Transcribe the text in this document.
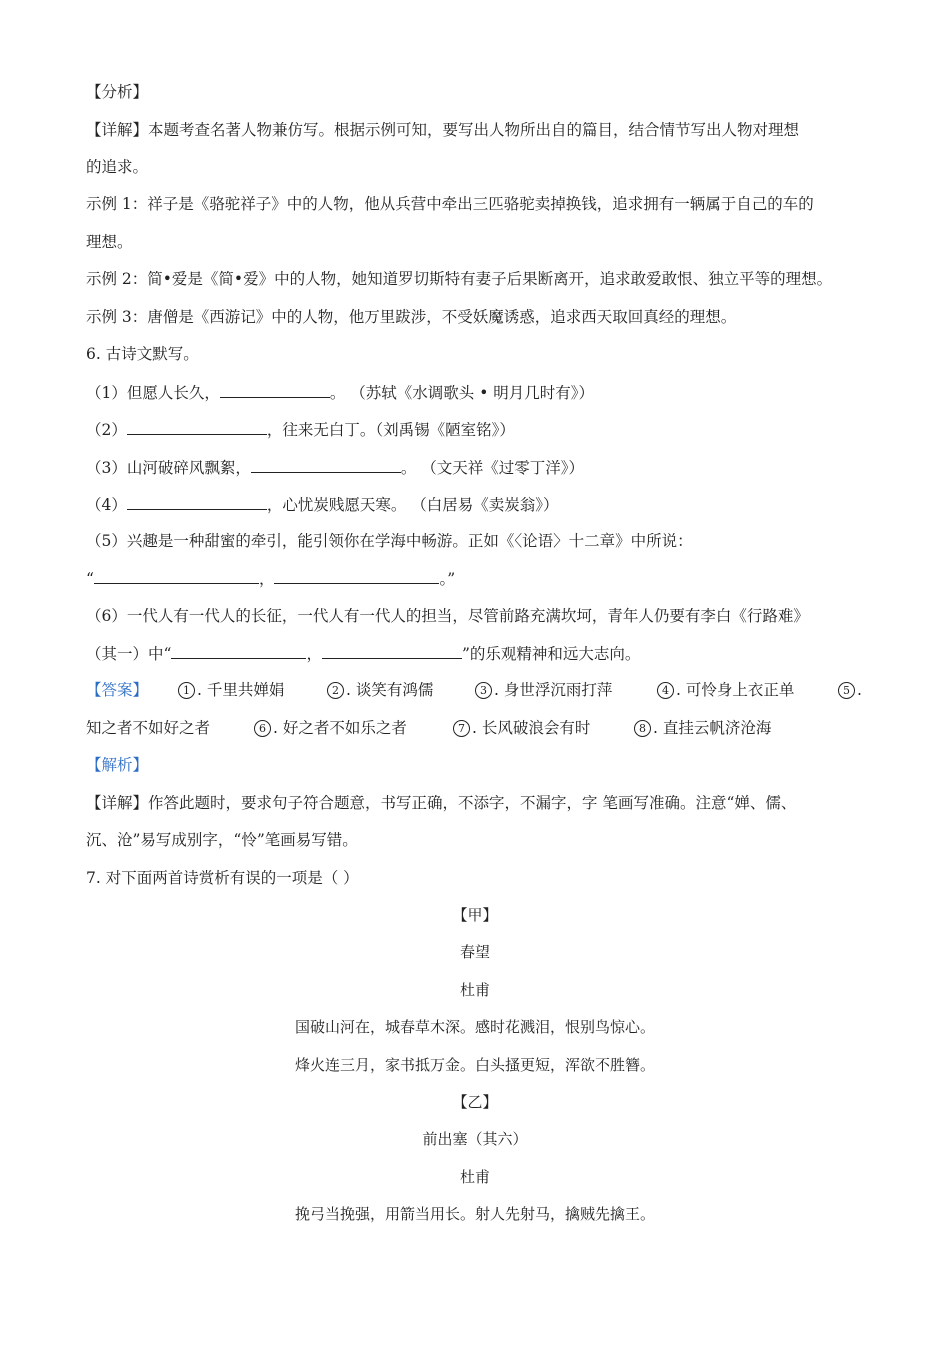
【分析】
【详解】本题考查名著人物兼仿写。根据示例可知，要写出人物所出自的篇目，结合情节写出人物对理想
的追求。
示例 1：祥子是《骆驼祥子》中的人物，他从兵营中牵出三匹骆驼卖掉换钱，追求拥有一辆属于自己的车的
理想。
示例 2：简•爱是《简•爱》中的人物，她知道罗切斯特有妻子后果断离开，追求敢爱敢恨、独立平等的理想。
示例 3：唐僧是《西游记》中的人物，他万里跋涉，不受妖魔诱惑，追求西天取回真经的理想。
6. 古诗文默写。
（1）但愿人长久，	。 （苏轼《水调歌头 • 明月几时有》）
（2）	，往来无白丁。（刘禹锡《陋室铭》）
（3）山河破碎风飘絮，	。 （文天祥《过零丁洋》）
（4）	，心忧炭贱愿天寒。 （白居易《卖炭翁》）
（5）兴趣是一种甜蜜的牵引，能引领你在学海中畅游。正如《〈论语〉十二章》中所说：
“	，	。”
（6）一代人有一代人的长征，一代人有一代人的担当，尽管前路充满坎坷，青年人仍要有李白《行路难》
（其一）中“	，	”的乐观精神和远大志向。
【答案】	1 . 千里共婵娟	2 . 谈笑有鸿儒	3 . 身世浮沉雨打萍	4 . 可怜身上衣正单	5 .
知之者不如好之者	6 . 好之者不如乐之者	7 . 长风破浪会有时	8 . 直挂云帆济沧海
【解析】
【详解】作答此题时，要求句子符合题意，书写正确，不添字，不漏字，字 笔画写准确。注意“婵、儒、
沉、沧”易写成别字，“怜”笔画易写错。
7. 对下面两首诗赏析有误的一项是（ ）
【甲】
春望
杜甫
国破山河在，城春草木深。感时花溅泪，恨别鸟惊心。
烽火连三月，家书抵万金。白头搔更短，浑欲不胜簪。
【乙】
前出塞（其六）
杜甫
挽弓当挽强，用箭当用长。射人先射马，擒贼先擒王。
